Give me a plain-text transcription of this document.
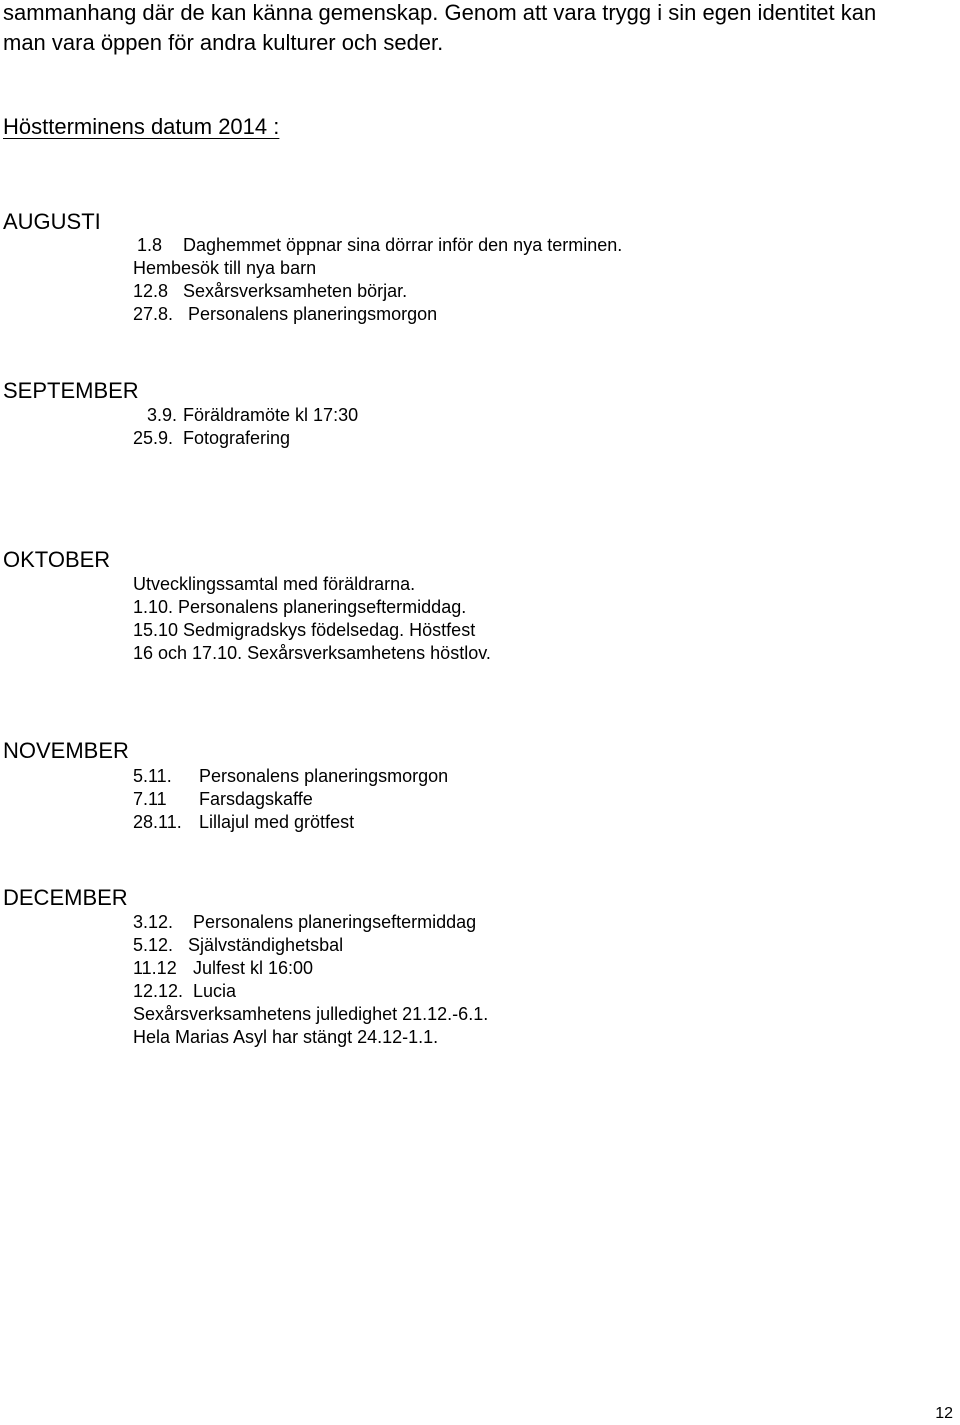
sammanhang där de kan känna gemenskap. Genom att vara trygg i sin egen identitet kan
man vara öppen för andra kulturer och seder.
Höstterminens datum 2014 :
AUGUSTI
1.8 Daghemmet öppnar sina dörrar inför den nya terminen.
Hembesök till nya barn
12.8 Sexårsverksamheten börjar.
27.8. Personalens planeringsmorgon
SEPTEMBER
3.9. Föräldramöte kl 17:30
25.9. Fotografering
OKTOBER
Utvecklingssamtal med föräldrarna.
1.10. Personalens planeringseftermiddag.
15.10 Sedmigradskys födelsedag. Höstfest
16 och 17.10. Sexårsverksamhetens höstlov.
NOVEMBER
5.11. Personalens planeringsmorgon
7.11 Farsdagskaffe
28.11. Lillajul med grötfest
DECEMBER
3.12. Personalens planeringseftermiddag
5.12. Självständighetsbal
11.12 Julfest kl 16:00
12.12. Lucia
Sexårsverksamhetens julledighet 21.12.-6.1.
Hela Marias Asyl har stängt 24.12-1.1.
12
